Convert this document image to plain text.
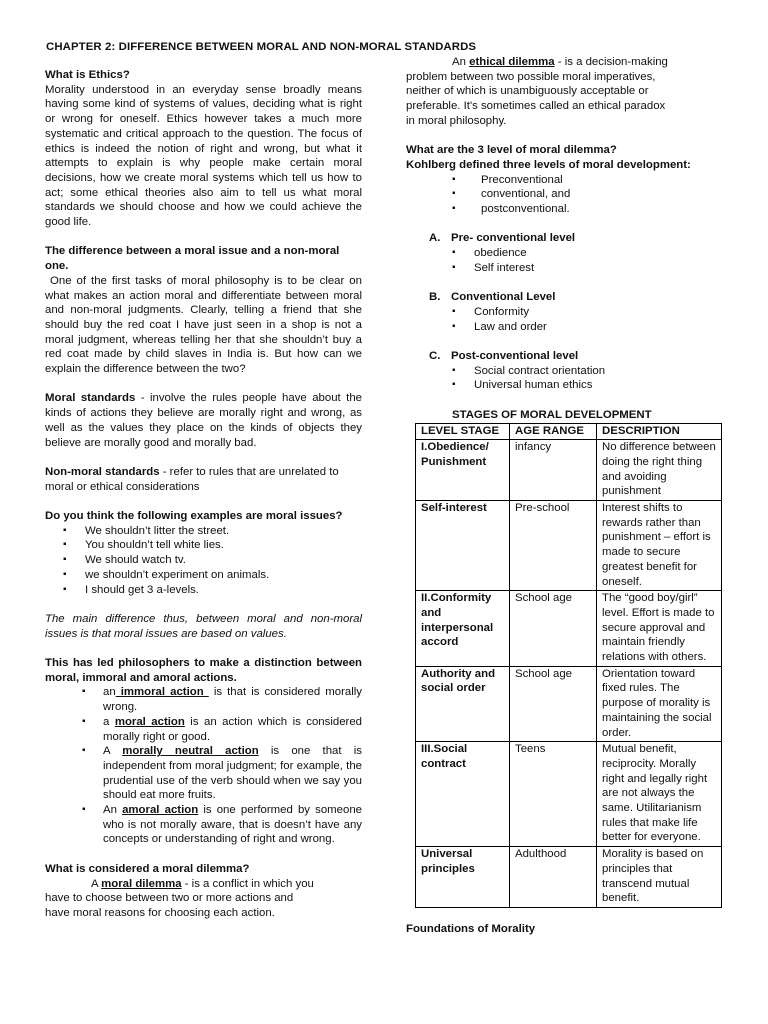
CHAPTER 2: DIFFERENCE BETWEEN MORAL AND NON-MORAL STANDARDS

What is Ethics?

Morality understood in an everyday sense broadly means having some kind of systems of values, deciding what is right or wrong for oneself. Ethics however takes a much more systematic and critical approach to the question. The focus of ethics is indeed the notion of right and wrong, but what it attempts to explain is why people make certain moral decisions, how we create moral systems which tell us how to act; some ethical theories also aim to tell us what moral standards we should choose and how we could achieve the good life.

The difference between a moral issue and a non-moral one.

One of the first tasks of moral philosophy is to be clear on what makes an action moral and differentiate between moral and non-moral judgments. Clearly, telling a friend that she should buy the red coat I have just seen in a shop is not a moral judgment, whereas telling her that she shouldn’t buy a red coat made by child slaves in India is. But how can we explain the difference between the two?

Moral standards - involve the rules people have about the kinds of actions they believe are morally right and wrong, as well as the values they place on the kinds of objects they believe are morally good and morally bad.

Non-moral standards - refer to rules that are unrelated to moral or ethical considerations

Do you think the following examples are moral issues?

▪ We shouldn’t litter the street.
▪ You shouldn’t tell white lies.
▪ We should watch tv.
▪ we shouldn’t experiment on animals.
▪ I should get 3 a-levels.

The main difference thus, between moral and non-moral issues is that moral issues are based on values.

This has led philosophers to make a distinction between moral, immoral and amoral actions.

▪ an immoral action  is that is considered morally wrong.
▪ a moral action is an action which is considered morally right or good.
▪ A morally neutral action is one that is independent from moral judgment; for example, the prudential use of the verb should when we say you should eat more fruits.
▪ An amoral action is one performed by someone who is not morally aware, that is doesn’t have any concepts or understanding of right and wrong.

What is considered a moral dilemma?

A moral dilemma - is a conflict in which you

have to choose between two or more actions and

have moral reasons for choosing each action.

An ethical dilemma - is a decision-making

problem between two possible moral imperatives,

neither of which is unambiguously acceptable or

preferable. It's sometimes called an ethical paradox

in moral philosophy.

What are the 3 level of moral dilemma?

Kohlberg defined three levels of moral development:

▪ Preconventional
▪ conventional, and
▪ postconventional.

A. Pre- conventional level

▪ obedience
▪ Self interest

B. Conventional Level

▪ Conformity
▪ Law and order

C. Post-conventional level

▪ Social contract orientation
▪ Universal human ethics

STAGES OF MORAL DEVELOPMENT

LEVEL STAGE	AGE RANGE	DESCRIPTION
I.Obedience/ Punishment	infancy	No difference between doing the right thing and avoiding punishment
Self-interest	Pre-school	Interest shifts to rewards rather than punishment – effort is made to secure greatest benefit for oneself.
II.Conformity and interpersonal accord	School age	The “good boy/girl” level. Effort is made to secure approval and maintain friendly relations with others.
Authority and social order	School age	Orientation toward fixed rules. The purpose of morality is maintaining the social order.
III.Social contract	Teens	Mutual benefit, reciprocity. Morally right and legally right are not always the same. Utilitarianism rules that make life better for everyone.
Universal principles	Adulthood	Morality is based on principles that transcend mutual benefit.

Foundations of Morality
